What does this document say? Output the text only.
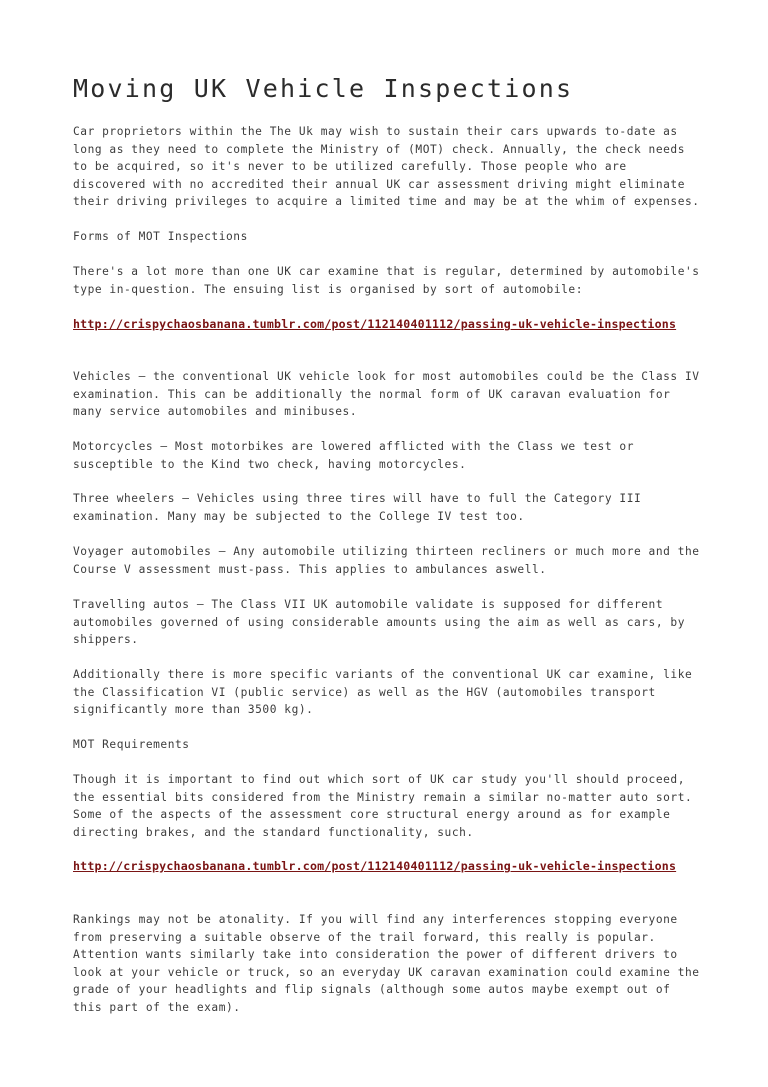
Moving UK Vehicle Inspections

Car proprietors within the The Uk may wish to sustain their cars upwards to-date as long as they need to complete the Ministry of (MOT) check. Annually, the check needs to be acquired, so it's never to be utilized carefully. Those people who are discovered with no accredited their annual UK car assessment driving might eliminate their driving privileges to acquire a limited time and may be at the whim of expenses.

Forms of MOT Inspections

There's a lot more than one UK car examine that is regular, determined by automobile's type in-question. The ensuing list is organised by sort of automobile:

http://crispychaosbanana.tumblr.com/post/112140401112/passing-uk-vehicle-inspections

Vehicles – the conventional UK vehicle look for most automobiles could be the Class IV examination. This can be additionally the normal form of UK caravan evaluation for many service automobiles and minibuses.

Motorcycles – Most motorbikes are lowered afflicted with the Class we test or susceptible to the Kind two check, having motorcycles.

Three wheelers – Vehicles using three tires will have to full the Category III examination. Many may be subjected to the College IV test too.

Voyager automobiles – Any automobile utilizing thirteen recliners or much more and the Course V assessment must-pass. This applies to ambulances aswell.

Travelling autos – The Class VII UK automobile validate is supposed for different automobiles governed of using considerable amounts using the aim as well as cars, by shippers.

Additionally there is more specific variants of the conventional UK car examine, like the Classification VI (public service) as well as the HGV (automobiles transport significantly more than 3500 kg).

MOT Requirements

Though it is important to find out which sort of UK car study you'll should proceed, the essential bits considered from the Ministry remain a similar no-matter auto sort. Some of the aspects of the assessment core structural energy around as for example directing brakes, and the standard functionality, such.

http://crispychaosbanana.tumblr.com/post/112140401112/passing-uk-vehicle-inspections

Rankings may not be atonality. If you will find any interferences stopping everyone from preserving a suitable observe of the trail forward, this really is popular. Attention wants similarly take into consideration the power of different drivers to look at your vehicle or truck, so an everyday UK caravan examination could examine the grade of your headlights and flip signals (although some autos maybe exempt out of this part of the exam).
